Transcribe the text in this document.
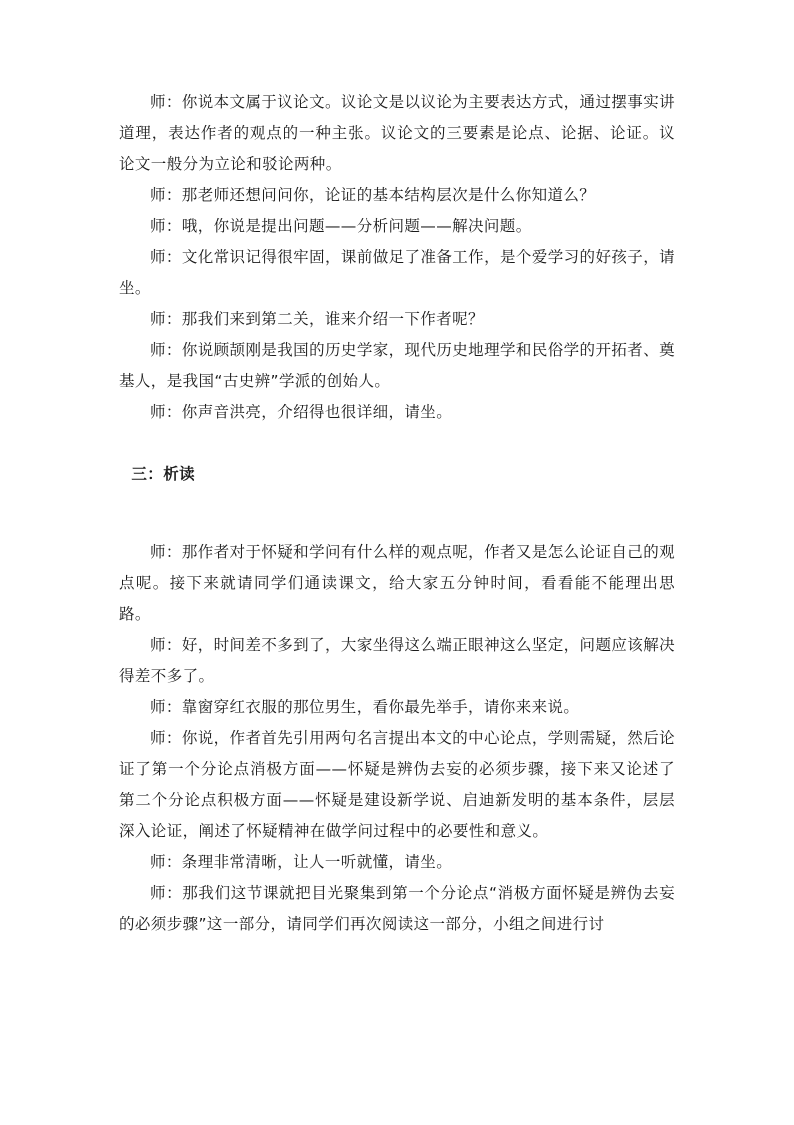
师：你说本文属于议论文。议论文是以议论为主要表达方式，通过摆事实讲道理，表达作者的观点的一种主张。议论文的三要素是论点、论据、论证。议论文一般分为立论和驳论两种。

师：那老师还想问问你，论证的基本结构层次是什么你知道么？

师：哦，你说是提出问题——分析问题——解决问题。

师：文化常识记得很牢固，课前做足了准备工作，是个爱学习的好孩子，请坐。

师：那我们来到第二关，谁来介绍一下作者呢？

师：你说顾颉刚是我国的历史学家，现代历史地理学和民俗学的开拓者、奠基人，是我国“古史辨”学派的创始人。

师：你声音洪亮，介绍得也很详细，请坐。

三：析读

师：那作者对于怀疑和学问有什么样的观点呢，作者又是怎么论证自己的观点呢。接下来就请同学们通读课文，给大家五分钟时间，看看能不能理出思路。

师：好，时间差不多到了，大家坐得这么端正眼神这么坚定，问题应该解决得差不多了。

师：靠窗穿红衣服的那位男生，看你最先举手，请你来来说。

师：你说，作者首先引用两句名言提出本文的中心论点，学则需疑，然后论证了第一个分论点消极方面——怀疑是辨伪去妄的必须步骤，接下来又论述了第二个分论点积极方面——怀疑是建设新学说、启迪新发明的基本条件，层层深入论证，阐述了怀疑精神在做学问过程中的必要性和意义。

师：条理非常清晰，让人一听就懂，请坐。

师：那我们这节课就把目光聚集到第一个分论点“消极方面怀疑是辨伪去妄的必须步骤”这一部分，请同学们再次阅读这一部分，小组之间进行讨
